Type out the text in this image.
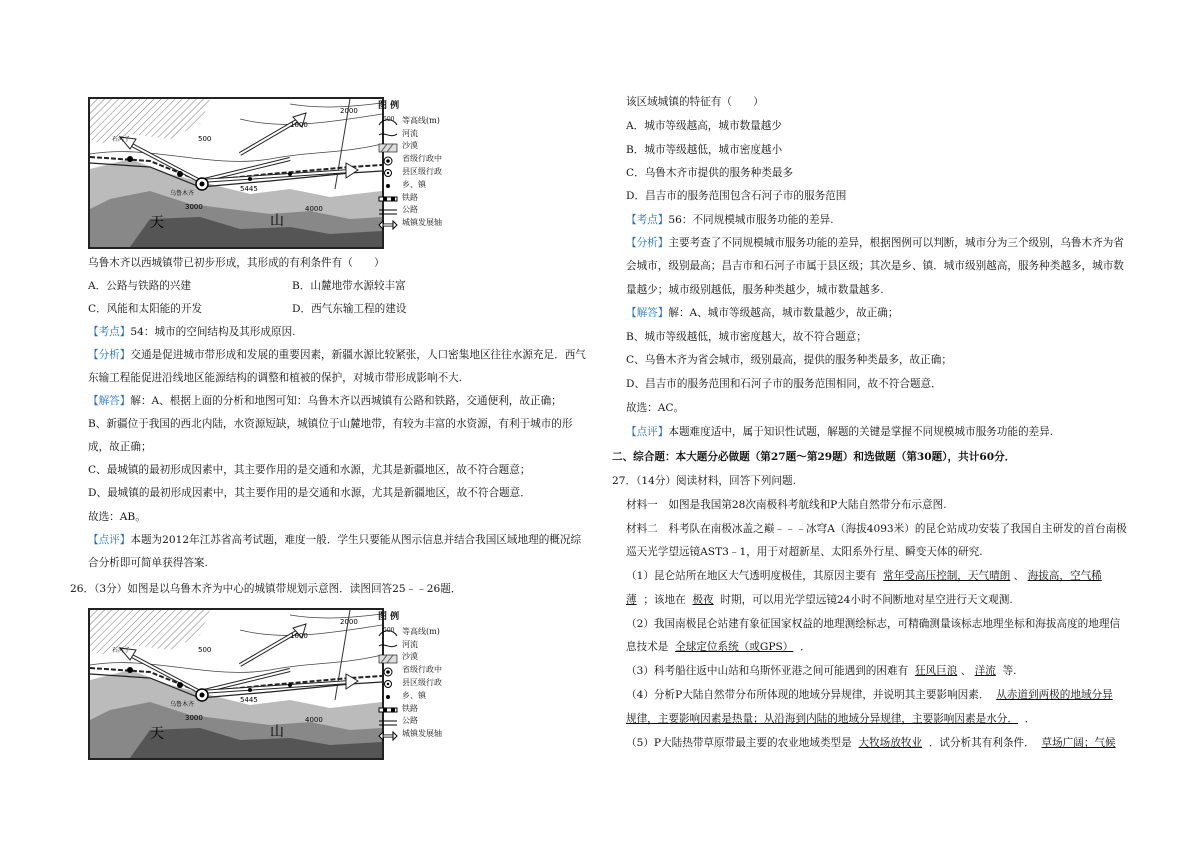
2000
1000
500
5445
4000
3000
天	山
乌鲁木齐
石河子
图 例
500 等高线(m)
河流
沙漠
省级行政中
县区级行政
乡、镇
铁路
公路
城镇发展轴
2000
1000
500
5445
4000
3000
天	山
乌鲁木齐
石河子
图 例
500 等高线(m)
河流
沙漠
省级行政中
县区级行政
乡、镇
铁路
公路
城镇发展轴

乌鲁木齐以西城镇带已初步形成，其形成的有利条件有（　　）

A．公路与铁路的兴建	B．山麓地带水源较丰富

C．风能和太阳能的开发	D．西气东输工程的建设

【考点】54：城市的空间结构及其形成原因.

【分析】交通是促进城市带形成和发展的重要因素，新疆水源比较紧张，人口密集地区往往水源充足．西气

东输工程能促进沿线地区能源结构的调整和植被的保护，对城市带形成影响不大.

【解答】解：A、根据上面的分析和地图可知：乌鲁木齐以西城镇有公路和铁路，交通便利，故正确；

B、新疆位于我国的西北内陆，水资源短缺，城镇位于山麓地带，有较为丰富的水资源，有利于城市的形

成，故正确；

C、最城镇的最初形成因素中，其主要作用的是交通和水源，尤其是新疆地区，故不符合题意；

D、最城镇的最初形成因素中，其主要作用的是交通和水源，尤其是新疆地区，故不符合题意．

故选：AB。

【点评】本题为2012年江苏省高考试题，难度一般．学生只要能从图示信息并结合我国区域地理的概况综

合分析即可简单获得答案.

26．（3分）如图是以乌鲁木齐为中心的城镇带规划示意图．读图回答25﹣﹣26题．

该区域城镇的特征有（　　）

A．城市等级越高，城市数量越少

B．城市等级越低，城市密度越小

C．乌鲁木齐市提供的服务种类最多

D．昌吉市的服务范围包含石河子市的服务范围

【考点】56：不同规模城市服务功能的差异.

【分析】主要考查了不同规模城市服务功能的差异，根据图例可以判断，城市分为三个级别，乌鲁木齐为省

会城市，级别最高；昌吉市和石河子市属于县区级；其次是乡、镇．城市级别越高，服务种类越多，城市数

量越少；城市级别越低，服务种类越少，城市数量越多.

【解答】解：A、城市等级越高，城市数量越少，故正确；

B、城市等级越低，城市密度越大，故不符合题意；

C、乌鲁木齐为省会城市，级别最高，提供的服务种类最多，故正确；

D、昌吉市的服务范围和石河子市的服务范围相同，故不符合题意．

故选：AC。

【点评】本题难度适中，属于知识性试题，解题的关键是掌握不同规模城市服务功能的差异.

二、综合题：本大题分必做题（第27题～第29题）和选做题（第30题），共计60分．

27．（14分）阅读材料，回答下列问题.

材料一　如图是我国第28次南极科考航线和P大陆自然带分布示意图.

材料二　科考队在南极冰盖之巅﹣﹣﹣冰穹A（海拔4093米）的昆仑站成功安装了我国自主研发的首台南极

巡天光学望远镜AST3﹣1，用于对超新星、太阳系外行星、瞬变天体的研究.

（1）昆仑站所在地区大气透明度极佳，其原因主要有 常年受高压控制，天气晴朗 、 海拔高，空气稀

薄 ；该地在 极夜 时期，可以用光学望远镜24小时不间断地对星空进行天文观测.

（2）我国南极昆仑站建有象征国家权益的地理测绘标志，可精确测量该标志地理坐标和海拔高度的地理信

息技术是 全球定位系统（或GPS） ．

（3）科考船往返中山站和乌斯怀亚港之间可能遇到的困难有 狂风巨浪 、 洋流 等.

（4）分析P大陆自然带分布所体现的地域分异规律，并说明其主要影响因素． 从赤道到两极的地域分异

规律，主要影响因素是热量；从沿海到内陆的地域分异规律，主要影响因素是水分． ．

（5）P大陆热带草原带最主要的农业地域类型是 大牧场放牧业 ．试分析其有利条件． 草场广阔；气候
